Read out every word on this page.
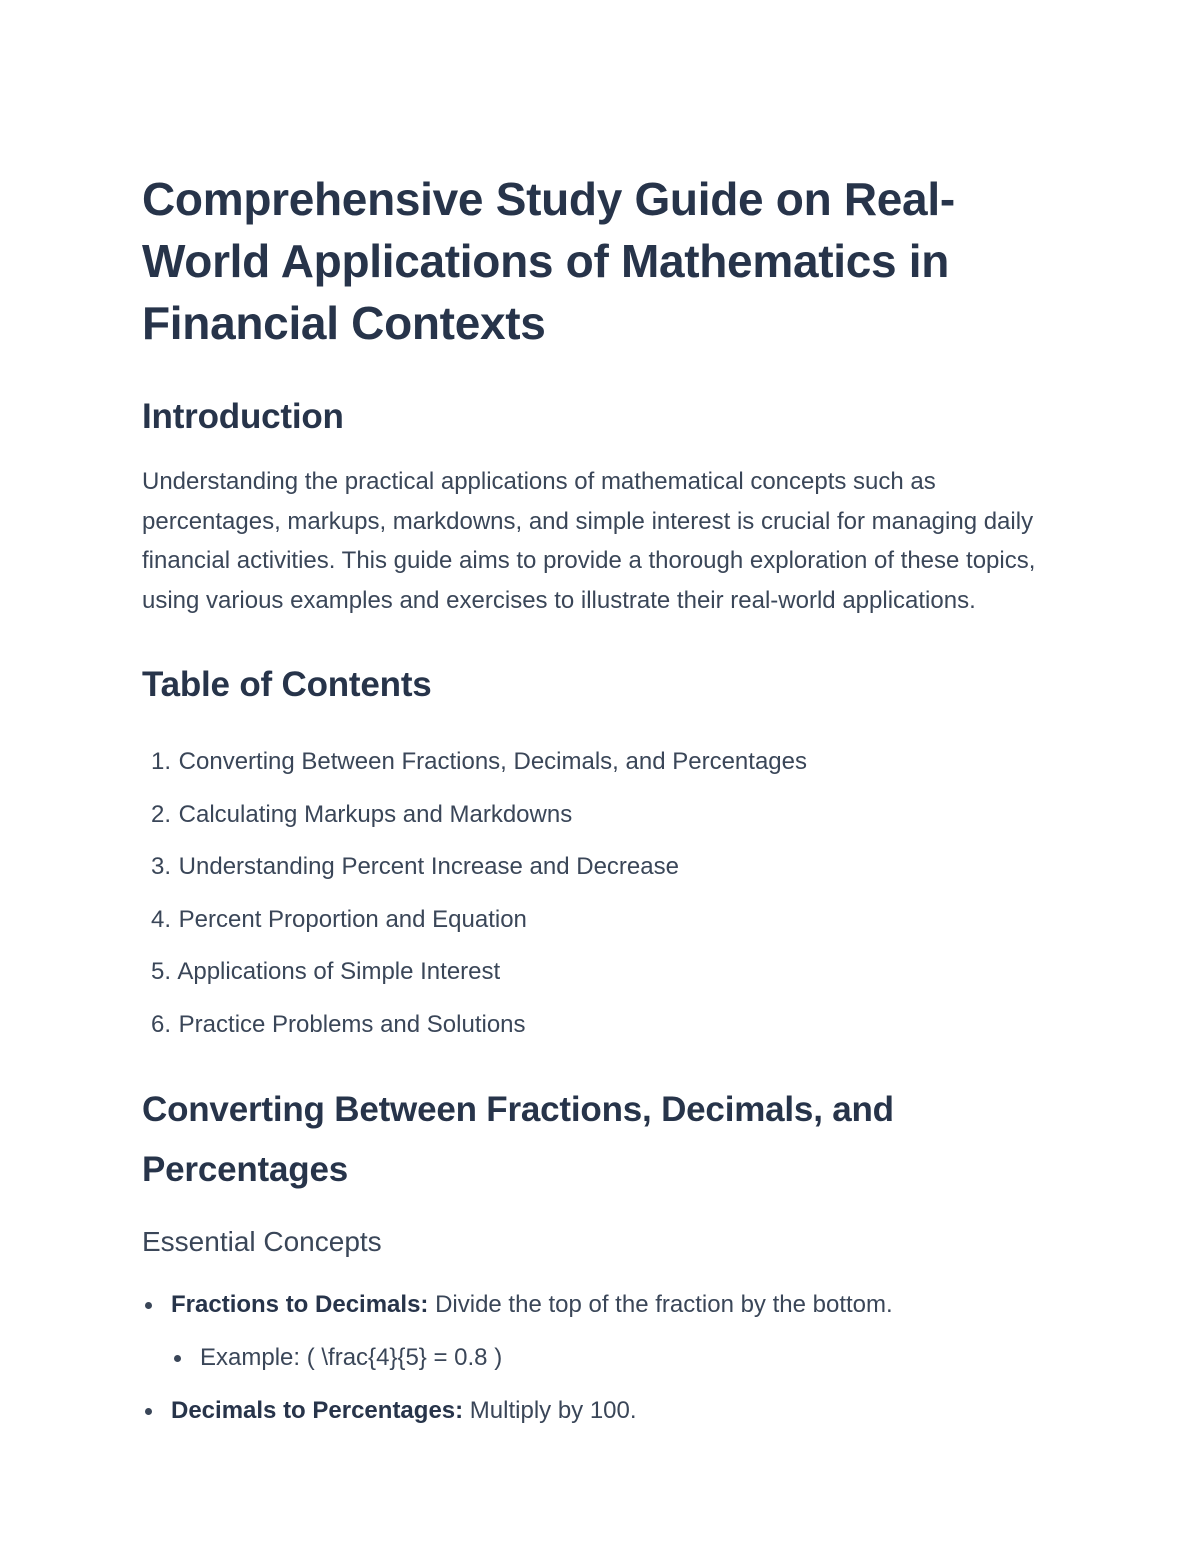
Comprehensive Study Guide on Real-World Applications of Mathematics in Financial Contexts
Introduction

Understanding the practical applications of mathematical concepts such as percentages, markups, markdowns, and simple interest is crucial for managing daily financial activities. This guide aims to provide a thorough exploration of these topics, using various examples and exercises to illustrate their real-world applications.

Table of Contents
1. Converting Between Fractions, Decimals, and Percentages
2. Calculating Markups and Markdowns
3. Understanding Percent Increase and Decrease
4. Percent Proportion and Equation
5. Applications of Simple Interest
6. Practice Problems and Solutions
Converting Between Fractions, Decimals, and Percentages
Essential Concepts
Fractions to Decimals: Divide the top of the fraction by the bottom.
Example: ( \frac{4}{5} = 0.8 )
Decimals to Percentages: Multiply by 100.
